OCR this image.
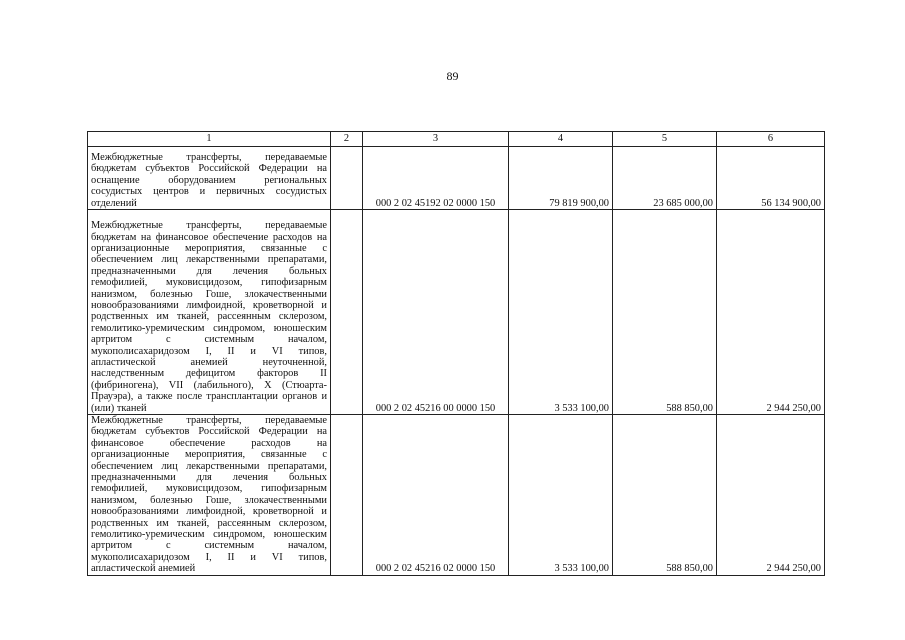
89
1	2	3	4	5	6
Межбюджетные трансферты, передаваемые бюджетам субъектов Российской Федерации на оснащение оборудованием региональных сосудистых центров и первичных сосудистых отделений		000 2 02 45192 02 0000 150	79 819 900,00	23 685 000,00	56 134 900,00
Межбюджетные трансферты, передаваемые бюджетам на финансовое обеспечение расходов на организационные мероприятия, связанные с обеспечением лиц лекарственными препаратами, предназначенными для лечения больных гемофилией, муковисцидозом, гипофизарным нанизмом, болезнью Гоше, злокачественными новообразованиями лимфоидной, кроветворной и родственных им тканей, рассеянным склерозом, гемолитико-уремическим синдромом, юношеским артритом с системным началом, мукополисахаридозом I, II и VI типов, апластической анемией неуточненной, наследственным дефицитом факторов II (фибриногена), VII (лабильного), X (Стюарта-Прауэра), а также после трансплантации органов и (или) тканей		000 2 02 45216 00 0000 150	3 533 100,00	588 850,00	2 944 250,00
Межбюджетные трансферты, передаваемые бюджетам субъектов Российской Федерации на финансовое обеспечение расходов на организационные мероприятия, связанные с обеспечением лиц лекарственными препаратами, предназначенными для лечения больных гемофилией, муковисцидозом, гипофизарным нанизмом, болезнью Гоше, злокачественными новообразованиями лимфоидной, кроветворной и родственных им тканей, рассеянным склерозом, гемолитико-уремическим синдромом, юношеским артритом с системным началом, мукополисахаридозом I, II и VI типов, апластической анемией		000 2 02 45216 02 0000 150	3 533 100,00	588 850,00	2 944 250,00
